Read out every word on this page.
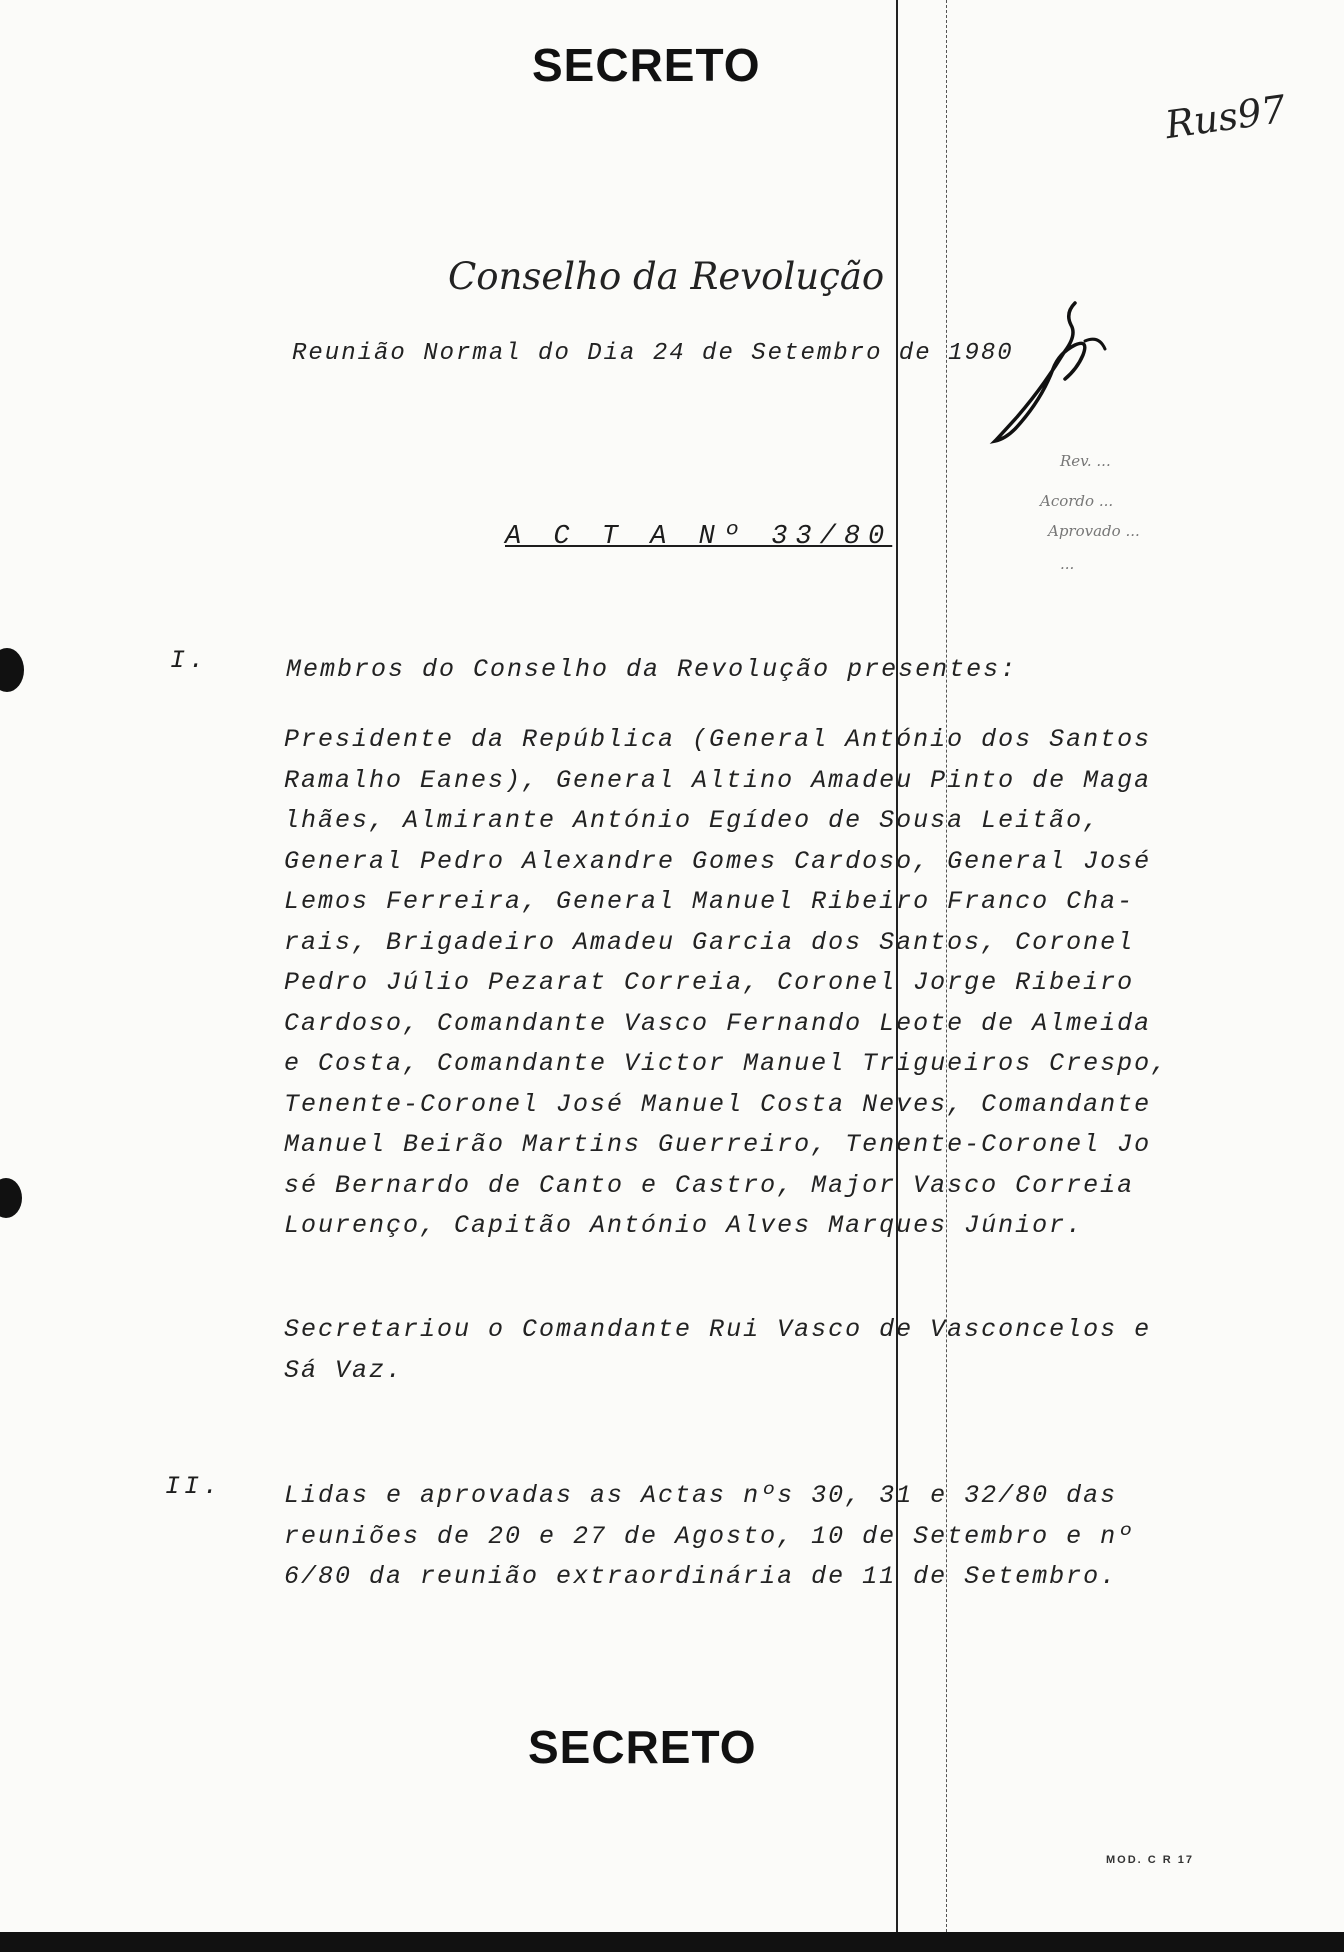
SECRETO
Rus97
Conselho da Revolução
Reunião Normal do Dia 24 de Setembro de 1980
Rev. ...
Acordo ...
Aprovado ...
...
A C T A Nº 33/80
I.	Membros do Conselho da Revolução presentes:
Presidente da República (General António dos Santos
Ramalho Eanes), General Altino Amadeu Pinto de Maga
lhães, Almirante António Egídeo de Sousa Leitão,
General Pedro Alexandre Gomes Cardoso, General José
Lemos Ferreira, General Manuel Ribeiro Franco Cha-
rais, Brigadeiro Amadeu Garcia dos Santos, Coronel
Pedro Júlio Pezarat Correia, Coronel Jorge Ribeiro
Cardoso, Comandante Vasco Fernando Leote de Almeida
e Costa, Comandante Victor Manuel Trigueiros Crespo,
Tenente-Coronel José Manuel Costa Neves, Comandante
Manuel Beirão Martins Guerreiro, Tenente-Coronel Jo
sé Bernardo de Canto e Castro, Major Vasco Correia
Lourenço, Capitão António Alves Marques Júnior.
Secretariou o Comandante Rui Vasco de Vasconcelos e
Sá Vaz.
II. Lidas e aprovadas as Actas nºs 30, 31 e 32/80 das
reuniões de 20 e 27 de Agosto, 10 de Setembro e nº
6/80 da reunião extraordinária de 11 de Setembro.
SECRETO
MOD. C R 17
